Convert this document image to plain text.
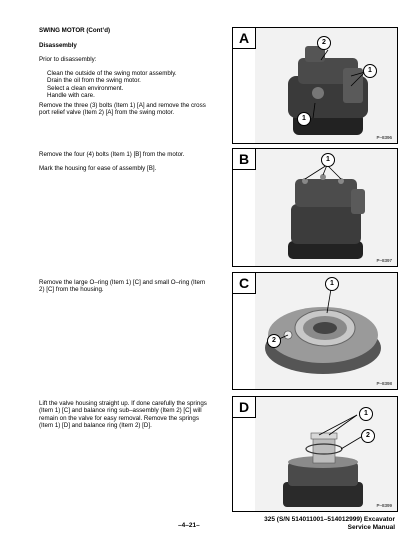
SWING MOTOR (Cont’d)
Disassembly
Prior to disassembly:
Clean the outside of the swing motor assembly.
Drain the oil from the swing motor.
Select a clean environment.
Handle with care.
Remove the three (3) bolts (Item 1) [A] and remove the cross port relief valve (Item 2) [A] from the swing motor.
Remove the four (4) bolts (Item 1) [B] from the motor.
Mark the housing for ease of assembly [B].
Remove the large O–ring (Item 1) [C] and small O–ring (Item 2) [C] from the housing.
Lift the valve housing straight up. If done carefully the springs (Item 1) [C] and balance ring sub–assembly (Item 2) [C] will remain on the valve for easy removal. Remove the springs (Item 1) [D] and balance ring (Item 2) [D].
A	2
1
1
P–8396
B	1
P–8397
C	1
2
P–8398
D	1
2
P–8399
–4–21–
325 (S/N 514011001–514012999) Excavator
Service Manual
